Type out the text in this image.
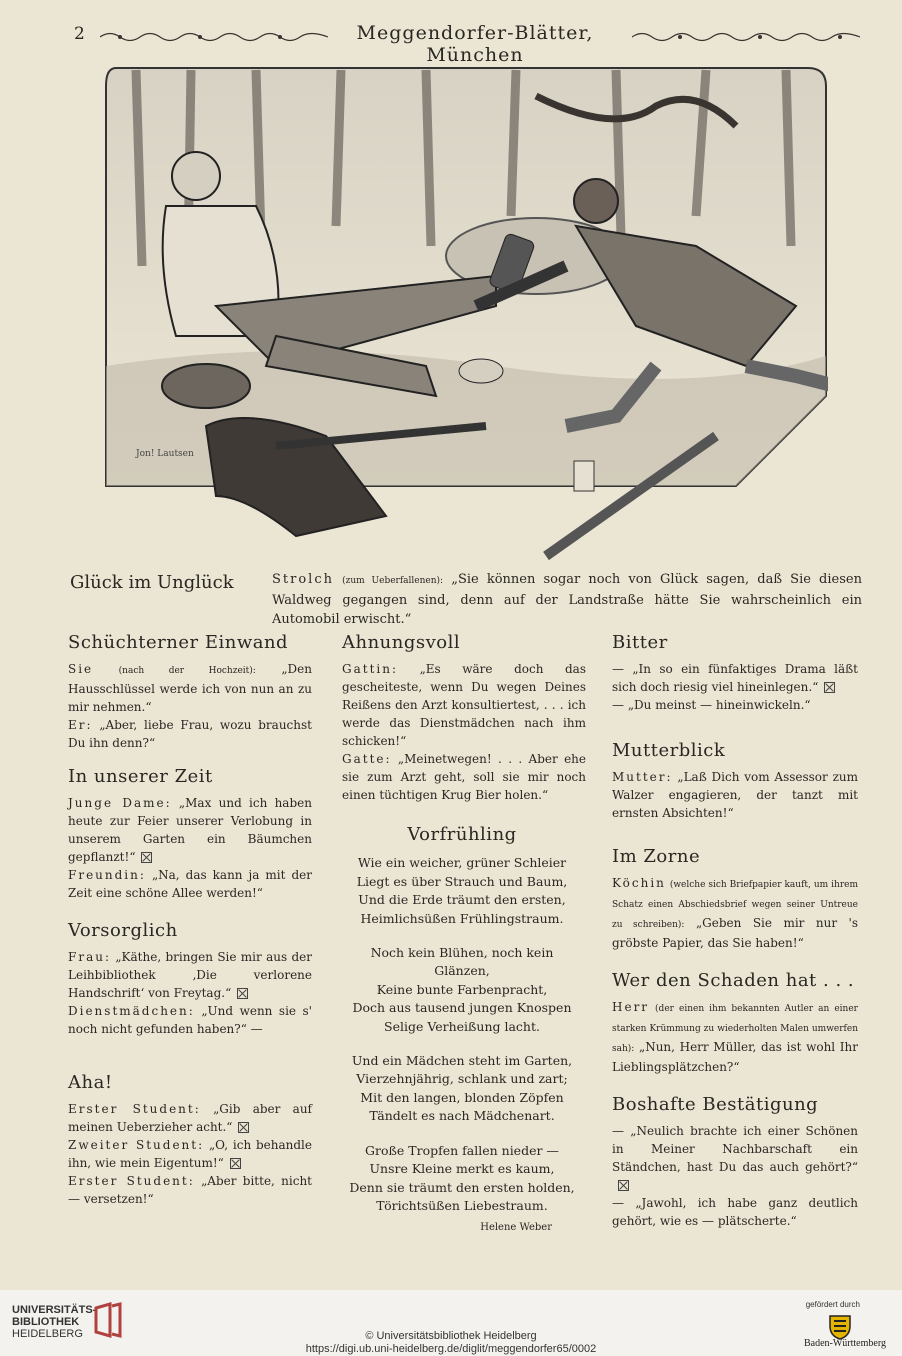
2	Meggendorfer-Blätter, München
Jon! Lautsen
Glück im Unglück	Strolch (zum Ueberfallenen): „Sie können sogar noch von Glück sagen, daß Sie diesen Waldweg gegangen sind, denn auf der Landstraße hätte Sie wahrscheinlich ein Automobil erwischt.“
Schüchterner Einwand

Sie	(nach der Hochzeit): „Den Hausschlüssel werde ich von nun an zu mir nehmen.“

Er: „Aber, liebe Frau, wozu brauchst Du ihn denn?“

In unserer Zeit

Junge Dame: „Max und ich haben heute zur Feier unserer Verlobung in unserem Garten ein Bäumchen gepflanzt!“

Freundin: „Na, das kann ja mit der Zeit eine schöne Allee werden!“

Vorsorglich

Frau: „Käthe, bringen Sie mir aus der Leihbibliothek ‚Die verlorene Handschrift‘ von Freytag.“

Dienstmädchen: „Und wenn sie s' noch nicht gefunden haben?“ —

Aha!

Erster Student: „Gib aber auf meinen Ueberzieher acht.“

Zweiter Student: „O, ich behandle ihn, wie mein Eigentum!“

Erster Student: „Aber bitte, nicht — versetzen!“

Ahnungsvoll

Gattin: „Es wäre doch das gescheiteste, wenn Du wegen Deines Reißens den Arzt konsultiertest, . . . ich werde das Dienstmädchen nach ihm schicken!“

Gatte: „Meinetwegen! . . . Aber ehe sie zum Arzt geht, soll sie mir noch einen tüchtigen Krug Bier holen.“

Vorfrühling
Wie ein weicher, grüner Schleier
Liegt es über Strauch und Baum,
Und die Erde träumt den ersten,
Heimlichsüßen Frühlingstraum.
Noch kein Blühen, noch kein Glänzen,
Keine bunte Farbenpracht,
Doch aus tausend jungen Knospen
Selige Verheißung lacht.
Und ein Mädchen steht im Garten,
Vierzehnjährig, schlank und zart;
Mit den langen, blonden Zöpfen
Tändelt es nach Mädchenart.
Große Tropfen fallen nieder —
Unsre Kleine merkt es kaum,
Denn sie träumt den ersten holden,
Törichtsüßen Liebestraum.
Helene Weber
Bitter

— „In so ein fünfaktiges Drama läßt sich doch riesig viel hineinlegen.“

— „Du meinst — hineinwickeln.“

Mutterblick

Mutter: „Laß Dich vom Assessor zum Walzer engagieren, der tanzt mit ernsten Absichten!“

Im Zorne

Köchin (welche sich Briefpapier kauft, um ihrem Schatz einen Abschiedsbrief wegen seiner Untreue zu schreiben): „Geben Sie mir nur 's gröbste Papier, das Sie haben!“

Wer den Schaden hat . . .

Herr (der einen ihm bekannten Autler an einer starken Krümmung zu wiederholten Malen umwerfen sah): „Nun, Herr Müller, das ist wohl Ihr Lieblingsplätzchen?“

Boshafte Bestätigung

— „Neulich brachte ich einer Schönen in Meiner Nachbarschaft ein Ständchen, hast Du das auch gehört?“

— „Jawohl, ich habe ganz deutlich gehört, wie es — plätscherte.“

UNIVERSITÄTS-
BIBLIOTHEK
HEIDELBERG	© Universitätsbibliothek Heidelberg
https://digi.ub.uni-heidelberg.de/diglit/meggendorfer65/0002
gefördert durch
Baden-Württemberg
